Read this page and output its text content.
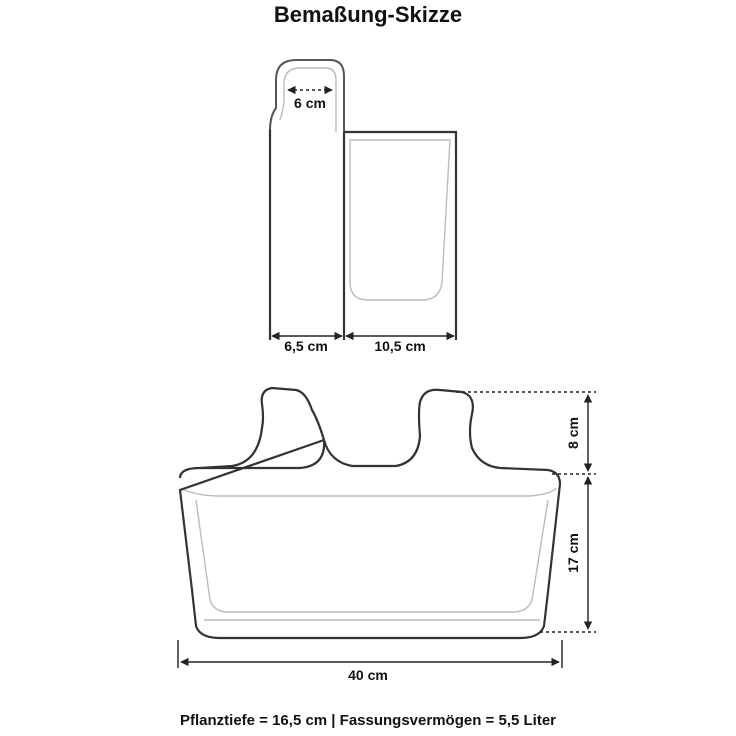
Bemaßung-Skizze
6 cm
6,5 cm	10,5 cm
8 cm
17 cm
40 cm
Pflanztiefe = 16,5 cm | Fassungsvermögen = 5,5 Liter
